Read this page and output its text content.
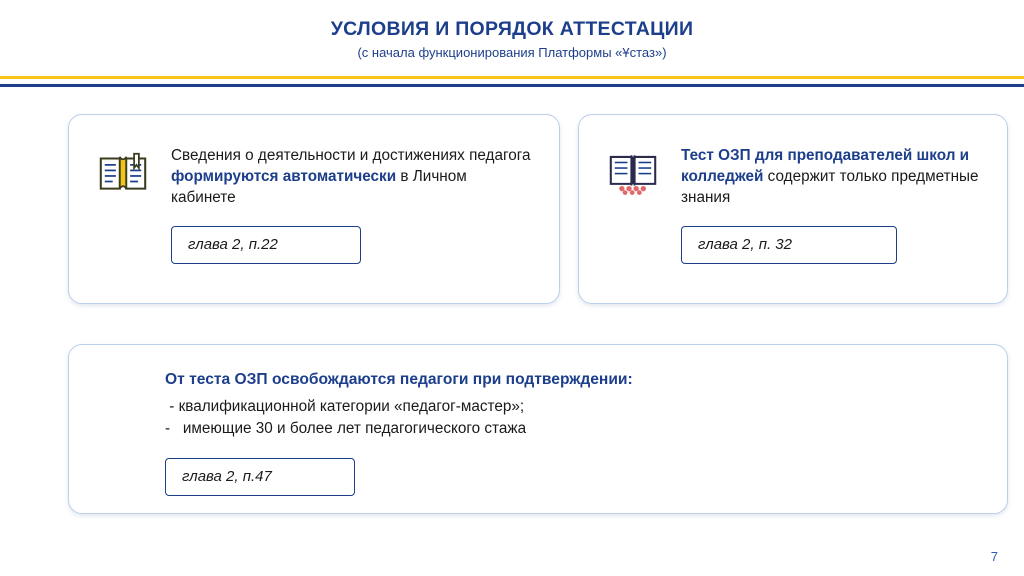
УСЛОВИЯ И ПОРЯДОК АТТЕСТАЦИИ
(с начала функционирования Платформы «Ұстаз»)
Сведения о деятельности и достижениях педагога формируются автоматически в Личном кабинете
глава 2, п.22
Тест ОЗП для преподавателей школ и колледжей содержит только предметные знания
глава 2, п. 32
От теста ОЗП освобождаются педагоги при подтверждении:
- квалификационной категории «педагог-мастер»;
-   имеющие 30 и более лет педагогического стажа
глава 2, п.47
7
